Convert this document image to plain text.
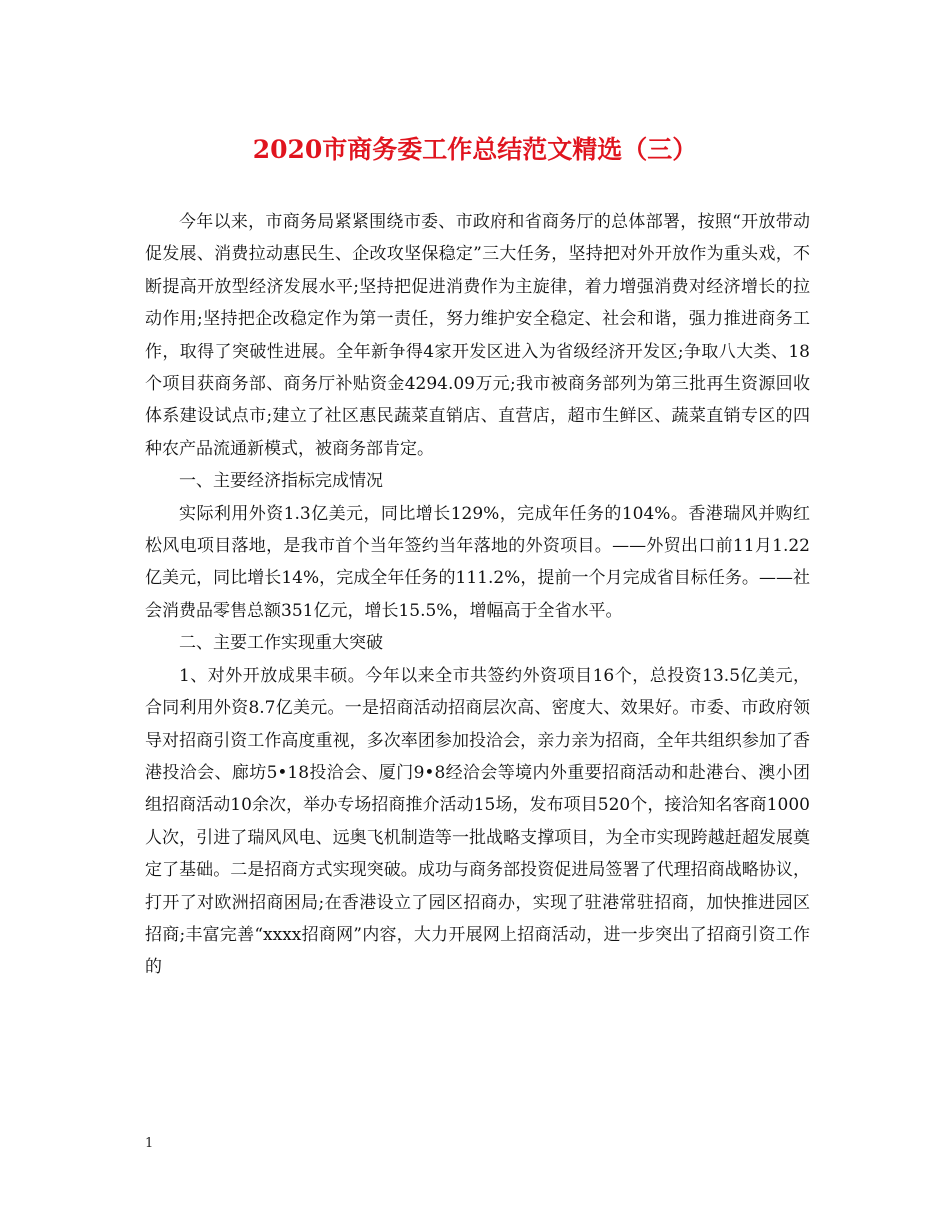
2020市商务委工作总结范文精选（三）

今年以来，市商务局紧紧围绕市委、市政府和省商务厅的总体部署，按照“开放带动促发展、消费拉动惠民生、企改攻坚保稳定”三大任务，坚持把对外开放作为重头戏，不断提高开放型经济发展水平;坚持把促进消费作为主旋律，着力增强消费对经济增长的拉动作用;坚持把企改稳定作为第一责任，努力维护安全稳定、社会和谐，强力推进商务工作，取得了突破性进展。全年新争得4家开发区进入为省级经济开发区;争取八大类、18个项目获商务部、商务厅补贴资金4294.09万元;我市被商务部列为第三批再生资源回收体系建设试点市;建立了社区惠民蔬菜直销店、直营店，超市生鲜区、蔬菜直销专区的四种农产品流通新模式，被商务部肯定。

一、主要经济指标完成情况

实际利用外资1.3亿美元，同比增长129%，完成年任务的104%。香港瑞风并购红松风电项目落地，是我市首个当年签约当年落地的外资项目。——外贸出口前11月1.22亿美元，同比增长14%，完成全年任务的111.2%，提前一个月完成省目标任务。——社会消费品零售总额351亿元，增长15.5%，增幅高于全省水平。

二、主要工作实现重大突破

1、对外开放成果丰硕。今年以来全市共签约外资项目16个，总投资13.5亿美元，合同利用外资8.7亿美元。一是招商活动招商层次高、密度大、效果好。市委、市政府领导对招商引资工作高度重视，多次率团参加投洽会，亲力亲为招商，全年共组织参加了香港投洽会、廊坊5•18投洽会、厦门9•8经洽会等境内外重要招商活动和赴港台、澳小团组招商活动10余次，举办专场招商推介活动15场，发布项目520个，接洽知名客商1000人次，引进了瑞风风电、远奥飞机制造等一批战略支撑项目，为全市实现跨越赶超发展奠定了基础。二是招商方式实现突破。成功与商务部投资促进局签署了代理招商战略协议，打开了对欧洲招商困局;在香港设立了园区招商办，实现了驻港常驻招商，加快推进园区招商;丰富完善“xxxx招商网”内容，大力开展网上招商活动，进一步突出了招商引资工作的

1
